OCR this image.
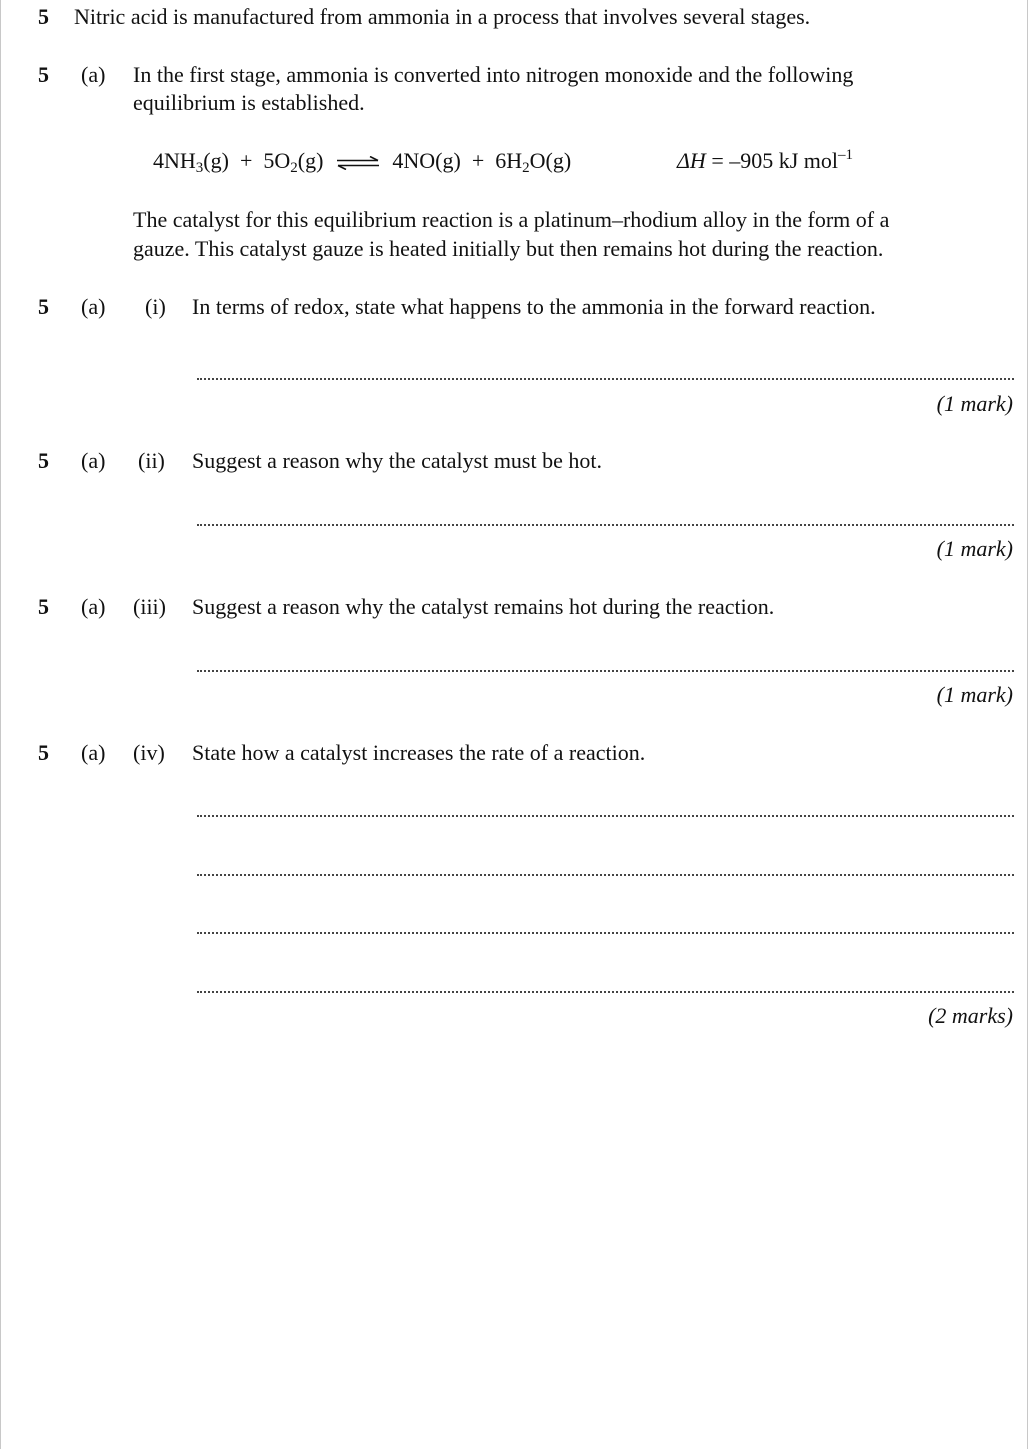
5 Nitric acid is manufactured from ammonia in a process that involves several stages.
5 (a) In the first stage, ammonia is converted into nitrogen monoxide and the following
equilibrium is established.
$4NH_3(g) + 5O_2(g)$ ⇌ $4NO(g) + 6H_2O(g)$	ΔH = –905 kJ mol$^{-1}$
The catalyst for this equilibrium reaction is a platinum–rhodium alloy in the form of a
gauze. This catalyst gauze is heated initially but then remains hot during the reaction.
5 (a) (i) In terms of redox, state what happens to the ammonia in the forward reaction.
(1 mark)
5 (a) (ii) Suggest a reason why the catalyst must be hot.
(1 mark)
5 (a) (iii) Suggest a reason why the catalyst remains hot during the reaction.
(1 mark)
5 (a) (iv) State how a catalyst increases the rate of a reaction.
(2 marks)
